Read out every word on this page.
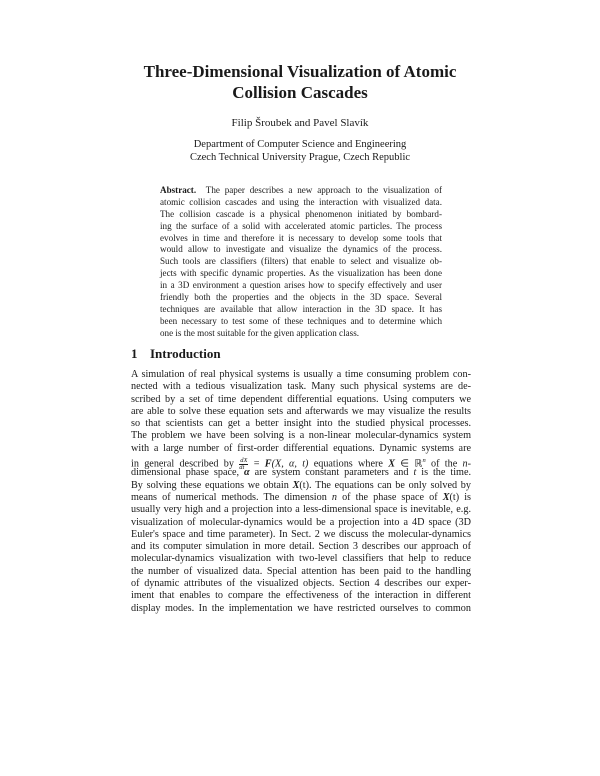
Three-Dimensional Visualization of Atomic
Collision Cascades
Filip Šroubek and Pavel Slavík
Department of Computer Science and Engineering
Czech Technical University Prague, Czech Republic
Abstract. The paper describes a new approach to the visualization of
atomic collision cascades and using the interaction with visualized data.
The collision cascade is a physical phenomenon initiated by bombard-
ing the surface of a solid with accelerated atomic particles. The process
evolves in time and therefore it is necessary to develop some tools that
would allow to investigate and visualize the dynamics of the process.
Such tools are classifiers (filters) that enable to select and visualize ob-
jects with specific dynamic properties. As the visualization has been done
in a 3D environment a question arises how to specify effectively and user
friendly both the properties and the objects in the 3D space. Several
techniques are available that allow interaction in the 3D space. It has
been necessary to test some of these techniques and to determine which
one is the most suitable for the given application class.
1 Introduction
A simulation of real physical systems is usually a time consuming problem con-
nected with a tedious visualization task. Many such physical systems are de-
scribed by a set of time dependent differential equations. Using computers we
are able to solve these equation sets and afterwards we may visualize the results
so that scientists can get a better insight into the studied physical processes.
The problem we have been solving is a non-linear molecular-dynamics system
with a large number of first-order differential equations. Dynamic systems are
in general described by $\frac{dX}{dt} = F(X$, α, t) equations where X ∈ ℝ$^n$ of the n-
dimensional phase space, α are system constant parameters and t is the time.
By solving these equations we obtain X(t). The equations can be only solved by
means of numerical methods. The dimension n of the phase space of X(t) is
usually very high and a projection into a less-dimensional space is inevitable, e.g.
visualization of molecular-dynamics would be a projection into a 4D space (3D
Euler's space and time parameter). In Sect. 2 we discuss the molecular-dynamics
and its computer simulation in more detail. Section 3 describes our approach of
molecular-dynamics visualization with two-level classifiers that help to reduce
the number of visualized data. Special attention has been paid to the handling
of dynamic attributes of the visualized objects. Section 4 describes our exper-
iment that enables to compare the effectiveness of the interaction in different
display modes. In the implementation we have restricted ourselves to common
